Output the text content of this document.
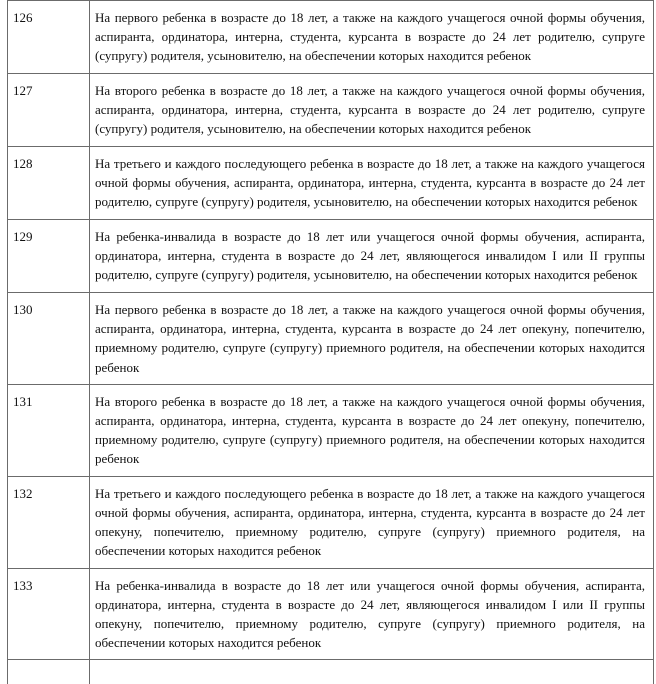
126	На первого ребенка в возрасте до 18 лет, а также на каждого учащегося очной формы обучения, аспиранта, ординатора, интерна, студента, курсанта в возрасте до 24 лет родителю, супруге (супругу) родителя, усыновителю, на обеспечении которых находится ребенок
127	На второго ребенка в возрасте до 18 лет, а также на каждого учащегося очной формы обучения, аспиранта, ординатора, интерна, студента, курсанта в возрасте до 24 лет родителю, супруге (супругу) родителя, усыновителю, на обеспечении которых находится ребенок
128	На третьего и каждого последующего ребенка в возрасте до 18 лет, а также на каждого учащегося очной формы обучения, аспиранта, ординатора, интерна, студента, курсанта в возрасте до 24 лет родителю, супруге (супругу) родителя, усыновителю, на обеспечении которых находится ребенок
129	На ребенка-инвалида в возрасте до 18 лет или учащегося очной формы обучения, аспиранта, ординатора, интерна, студента в возрасте до 24 лет, являющегося инвалидом I или II группы родителю, супруге (супругу) родителя, усыновителю, на обеспечении которых находится ребенок
130	На первого ребенка в возрасте до 18 лет, а также на каждого учащегося очной формы обучения, аспиранта, ординатора, интерна, студента, курсанта в возрасте до 24 лет опекуну, попечителю, приемному родителю, супруге (супругу) приемного родителя, на обеспечении которых находится ребенок
131	На второго ребенка в возрасте до 18 лет, а также на каждого учащегося очной формы обучения, аспиранта, ординатора, интерна, студента, курсанта в возрасте до 24 лет опекуну, попечителю, приемному родителю, супруге (супругу) приемного родителя, на обеспечении которых находится ребенок
132	На третьего и каждого последующего ребенка в возрасте до 18 лет, а также на каждого учащегося очной формы обучения, аспиранта, ординатора, интерна, студента, курсанта в возрасте до 24 лет опекуну, попечителю, приемному родителю, супруге (супругу) приемного родителя, на обеспечении которых находится ребенок
133	На ребенка-инвалида в возрасте до 18 лет или учащегося очной формы обучения, аспиранта, ординатора, интерна, студента в возрасте до 24 лет, являющегося инвалидом I или II группы опекуну, попечителю, приемному родителю, супруге (супругу) приемного родителя, на обеспечении которых находится ребенок
